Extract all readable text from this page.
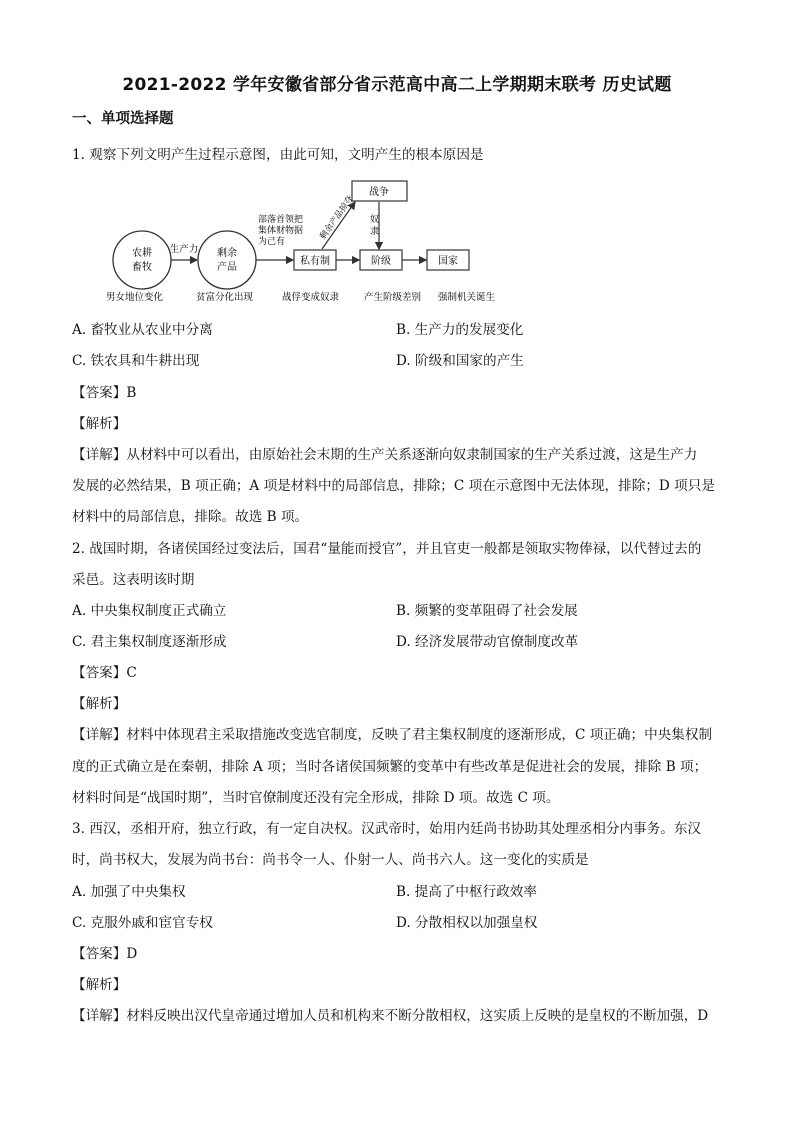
2021-2022 学年安徽省部分省示范高中高二上学期期末联考 历史试题
一、单项选择题
1. 观察下列文明产生过程示意图，由此可知，文明产生的根本原因是
农耕
畜牧
剩余
产品
私有制	阶级	国家
战争
生产力
部落首领把
集体财物据
为己有
剩余产品掠夺 奴
隶
男女地位变化	贫富分化出现	战俘变成奴隶	产生阶级差别 强制机关诞生
A. 畜牧业从农业中分离	B. 生产力的发展变化
C. 铁农具和牛耕出现	D. 阶级和国家的产生
【答案】B
【解析】
【详解】从材料中可以看出，由原始社会末期的生产关系逐渐向奴隶制国家的生产关系过渡，这是生产力
发展的必然结果，B 项正确；A 项是材料中的局部信息，排除；C 项在示意图中无法体现，排除；D 项只是
材料中的局部信息，排除。故选 B 项。
2. 战国时期，各诸侯国经过变法后，国君“量能而授官”，并且官吏一般都是领取实物俸禄，以代替过去的
采邑。这表明该时期
A. 中央集权制度正式确立	B. 频繁的变革阻碍了社会发展
C. 君主集权制度逐渐形成	D. 经济发展带动官僚制度改革
【答案】C
【解析】
【详解】材料中体现君主采取措施改变选官制度，反映了君主集权制度的逐渐形成，C 项正确；中央集权制
度的正式确立是在秦朝，排除 A 项；当时各诸侯国频繁的变革中有些改革是促进社会的发展，排除 B 项；
材料时间是“战国时期”，当时官僚制度还没有完全形成，排除 D 项。故选 C 项。
3. 西汉，丞相开府，独立行政，有一定自决权。汉武帝时，始用内廷尚书协助其处理丞相分内事务。东汉
时，尚书权大，发展为尚书台：尚书令一人、仆射一人、尚书六人。这一变化的实质是
A. 加强了中央集权	B. 提高了中枢行政效率
C. 克服外戚和宦官专权	D. 分散相权以加强皇权
【答案】D
【解析】
【详解】材料反映出汉代皇帝通过增加人员和机构来不断分散相权，这实质上反映的是皇权的不断加强，D
